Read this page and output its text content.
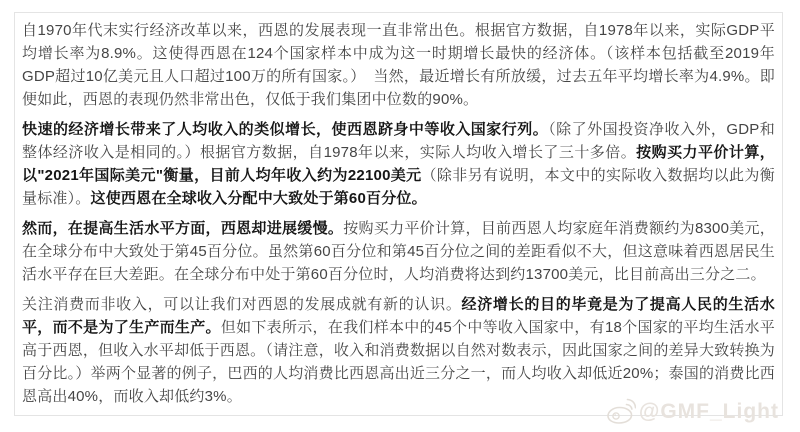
自1970年代末实行经济改革以来，西恩的发展表现一直非常出色。根据官方数据，自1978年以来，实际GDP平均增长率为8.9%。这使得西恩在124个国家样本中成为这一时期增长最快的经济体。（该样本包括截至2019年GDP超过10亿美元且人口超过100万的所有国家。）　当然，最近增长有所放缓，过去五年平均增长率为4.9%。即便如此，西恩的表现仍然非常出色，仅低于我们集团中位数的90%。

快速的经济增长带来了人均收入的类似增长，使西恩跻身中等收入国家行列。（除了外国投资净收入外，GDP和整体经济收入是相同的。）根据官方数据，自1978年以来，实际人均收入增长了三十多倍。按购买力平价计算，以"2021年国际美元"衡量，目前人均年收入约为22100美元（除非另有说明，本文中的实际收入数据均以此为衡量标准）。这使西恩在全球收入分配中大致处于第60百分位。

然而，在提高生活水平方面，西恩却进展缓慢。按购买力平价计算，目前西恩人均家庭年消费额约为8300美元，在全球分布中大致处于第45百分位。虽然第60百分位和第45百分位之间的差距看似不大，但这意味着西恩居民生活水平存在巨大差距。在全球分布中处于第60百分位时，人均消费将达到约13700美元，比目前高出三分之二。

关注消费而非收入，可以让我们对西恩的发展成就有新的认识。经济增长的目的毕竟是为了提高人民的生活水平，而不是为了生产而生产。但如下表所示，在我们样本中的45个中等收入国家中，有18个国家的平均生活水平高于西恩，但收入水平却低于西恩。（请注意，收入和消费数据以自然对数表示，因此国家之间的差异大致转换为百分比。）举两个显著的例子，巴西的人均消费比西恩高出近三分之一，而人均收入却低近20%；泰国的消费比西恩高出40%，而收入却低约3%。

@GMF_Light
